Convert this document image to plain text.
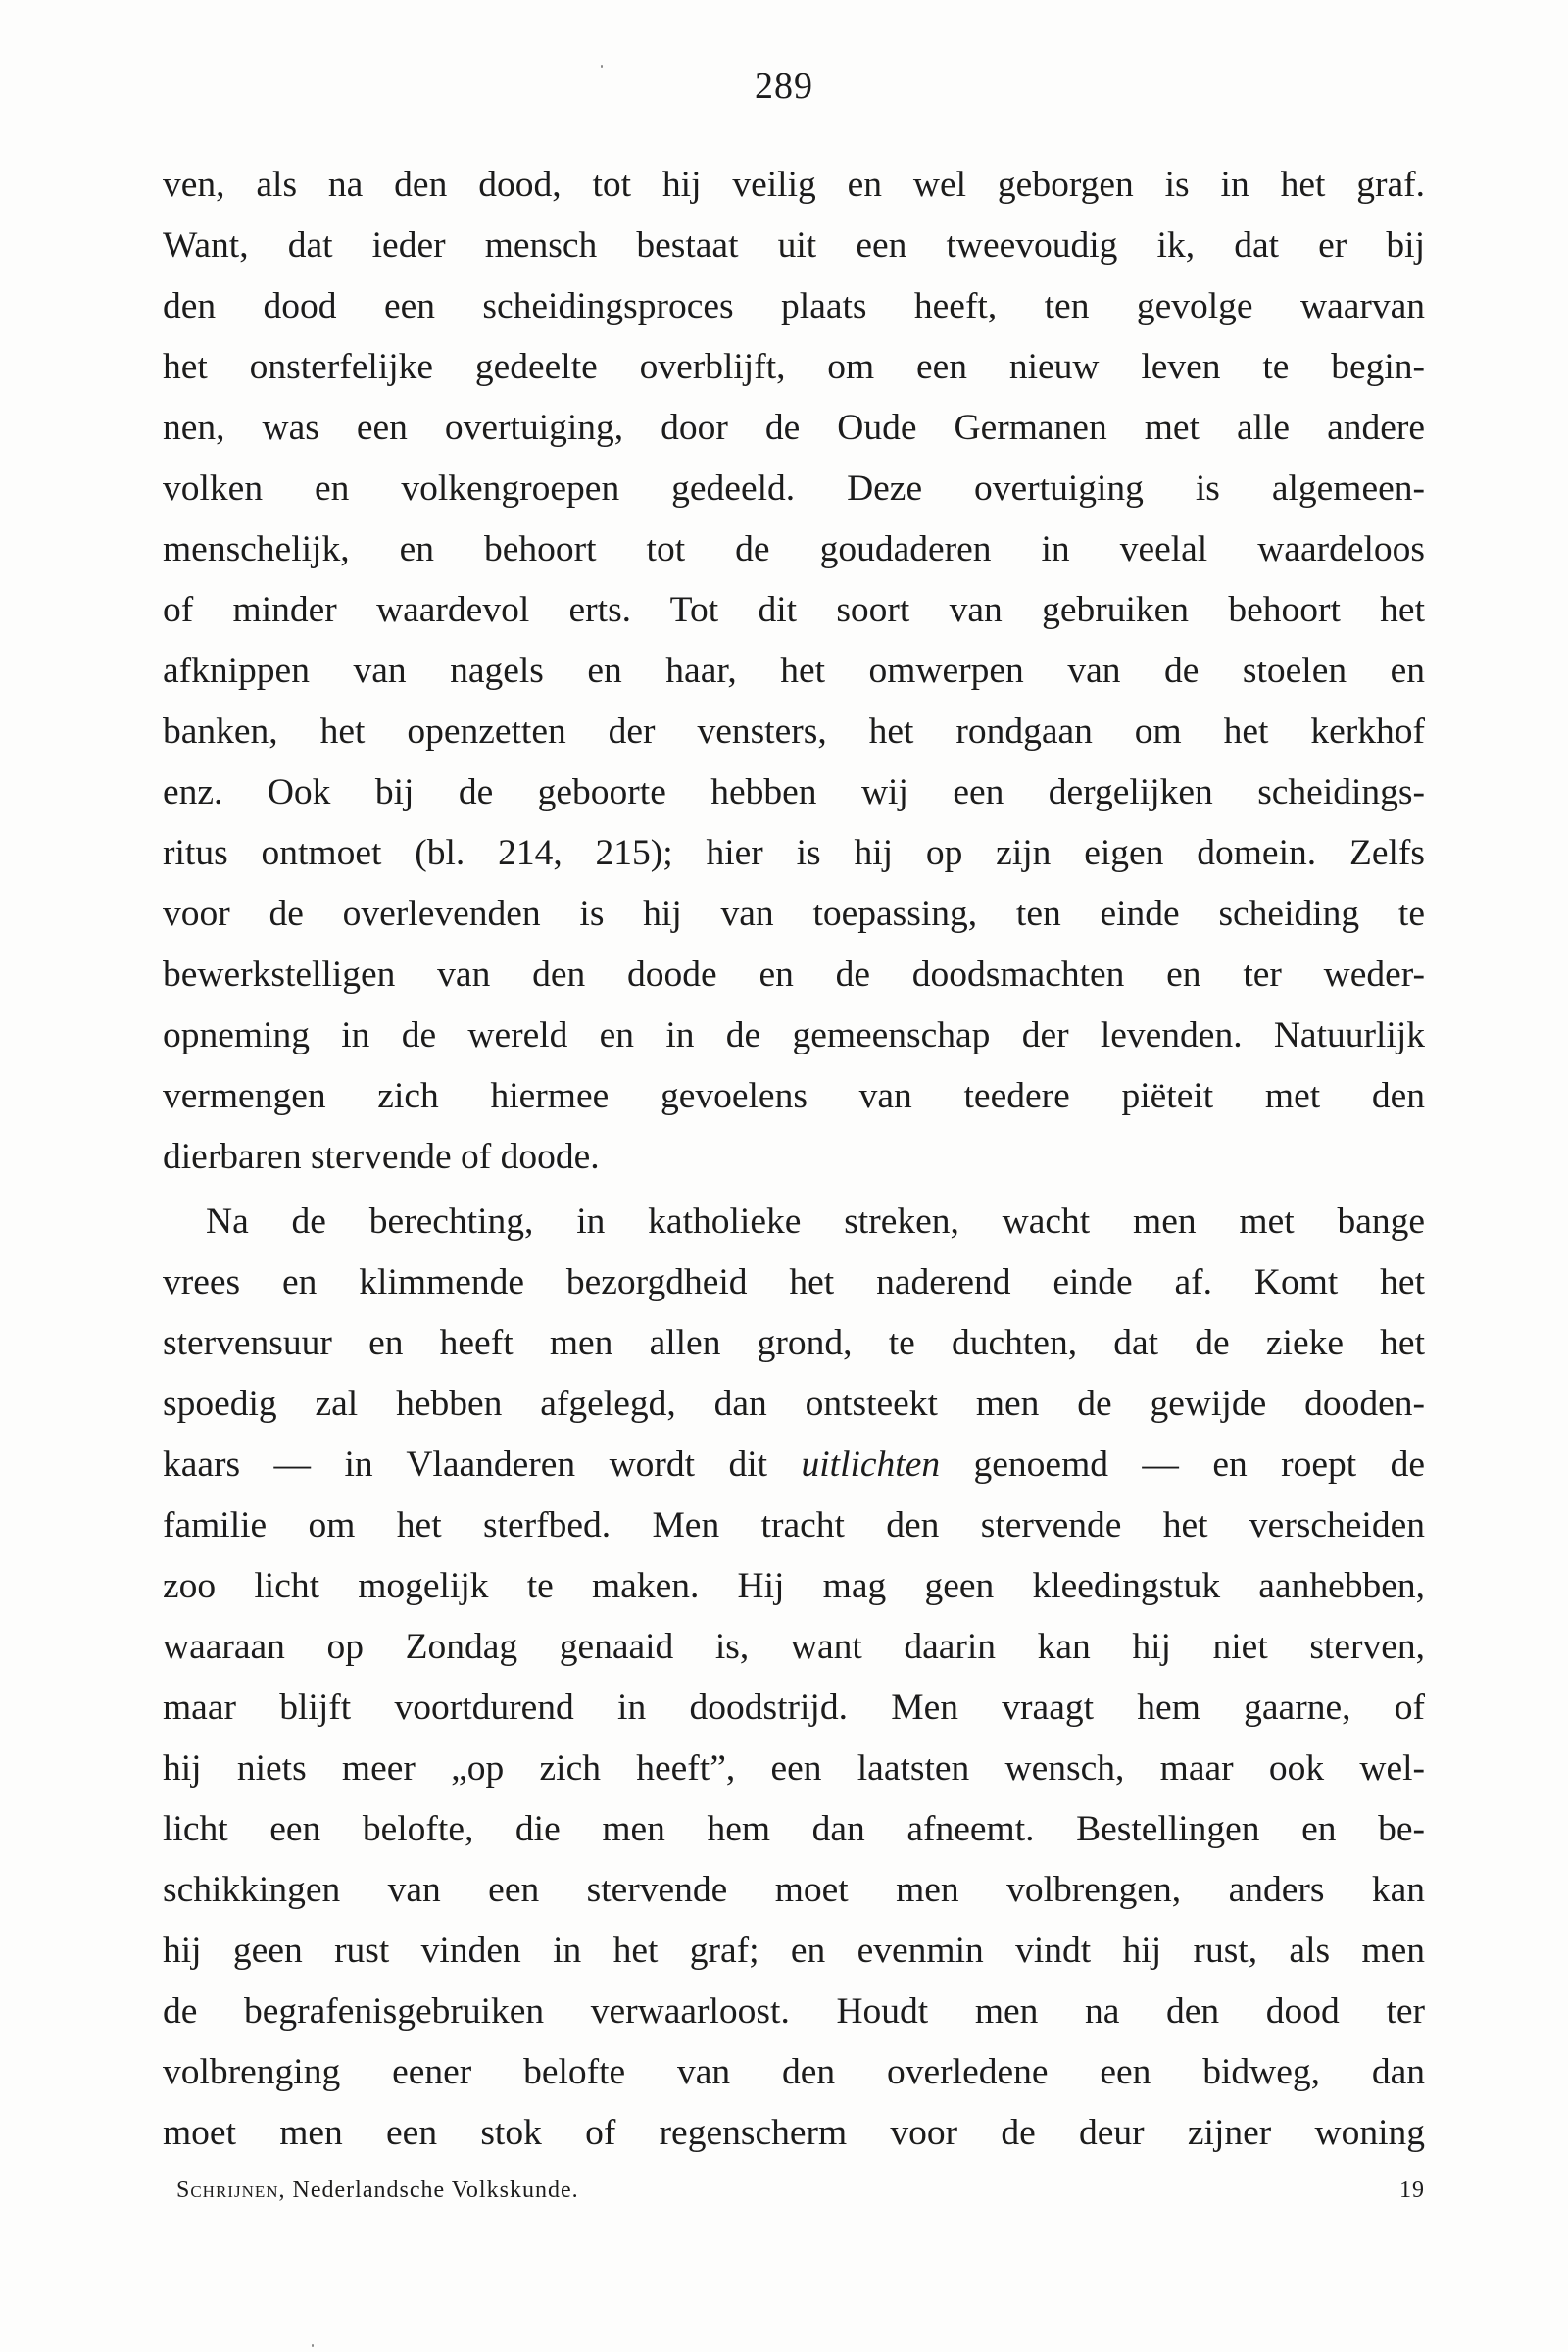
289
ven, als na den dood, tot hij veilig en wel geborgen is in het graf.
Want, dat ieder mensch bestaat uit een tweevoudig ik, dat er bij
den dood een scheidingsproces plaats heeft, ten gevolge waarvan
het onsterfelijke gedeelte overblijft, om een nieuw leven te begin-
nen, was een overtuiging, door de Oude Germanen met alle andere
volken en volkengroepen gedeeld. Deze overtuiging is algemeen-
menschelijk, en behoort tot de goudaderen in veelal waardeloos
of minder waardevol erts. Tot dit soort van gebruiken behoort het
afknippen van nagels en haar, het omwerpen van de stoelen en
banken, het openzetten der vensters, het rondgaan om het kerkhof
enz. Ook bij de geboorte hebben wij een dergelijken scheidings-
ritus ontmoet (bl. 214, 215); hier is hij op zijn eigen domein. Zelfs
voor de overlevenden is hij van toepassing, ten einde scheiding te
bewerkstelligen van den doode en de doodsmachten en ter weder-
opneming in de wereld en in de gemeenschap der levenden. Natuurlijk
vermengen zich hiermee gevoelens van teedere piëteit met den
dierbaren stervende of doode.
Na de berechting, in katholieke streken, wacht men met bange
vrees en klimmende bezorgdheid het naderend einde af. Komt het
stervensuur en heeft men allen grond, te duchten, dat de zieke het
spoedig zal hebben afgelegd, dan ontsteekt men de gewijde dooden-
kaars — in Vlaanderen wordt dit uitlichten genoemd — en roept de
familie om het sterfbed. Men tracht den stervende het verscheiden
zoo licht mogelijk te maken. Hij mag geen kleedingstuk aanhebben,
waaraan op Zondag genaaid is, want daarin kan hij niet sterven,
maar blijft voortdurend in doodstrijd. Men vraagt hem gaarne, of
hij niets meer „op zich heeft”, een laatsten wensch, maar ook wel-
licht een belofte, die men hem dan afneemt. Bestellingen en be-
schikkingen van een stervende moet men volbrengen, anders kan
hij geen rust vinden in het graf; en evenmin vindt hij rust, als men
de begrafenisgebruiken verwaarloost. Houdt men na den dood ter
volbrenging eener belofte van den overledene een bidweg, dan
moet men een stok of regenscherm voor de deur zijner woning
Schrijnen, Nederlandsche Volkskunde.	19
